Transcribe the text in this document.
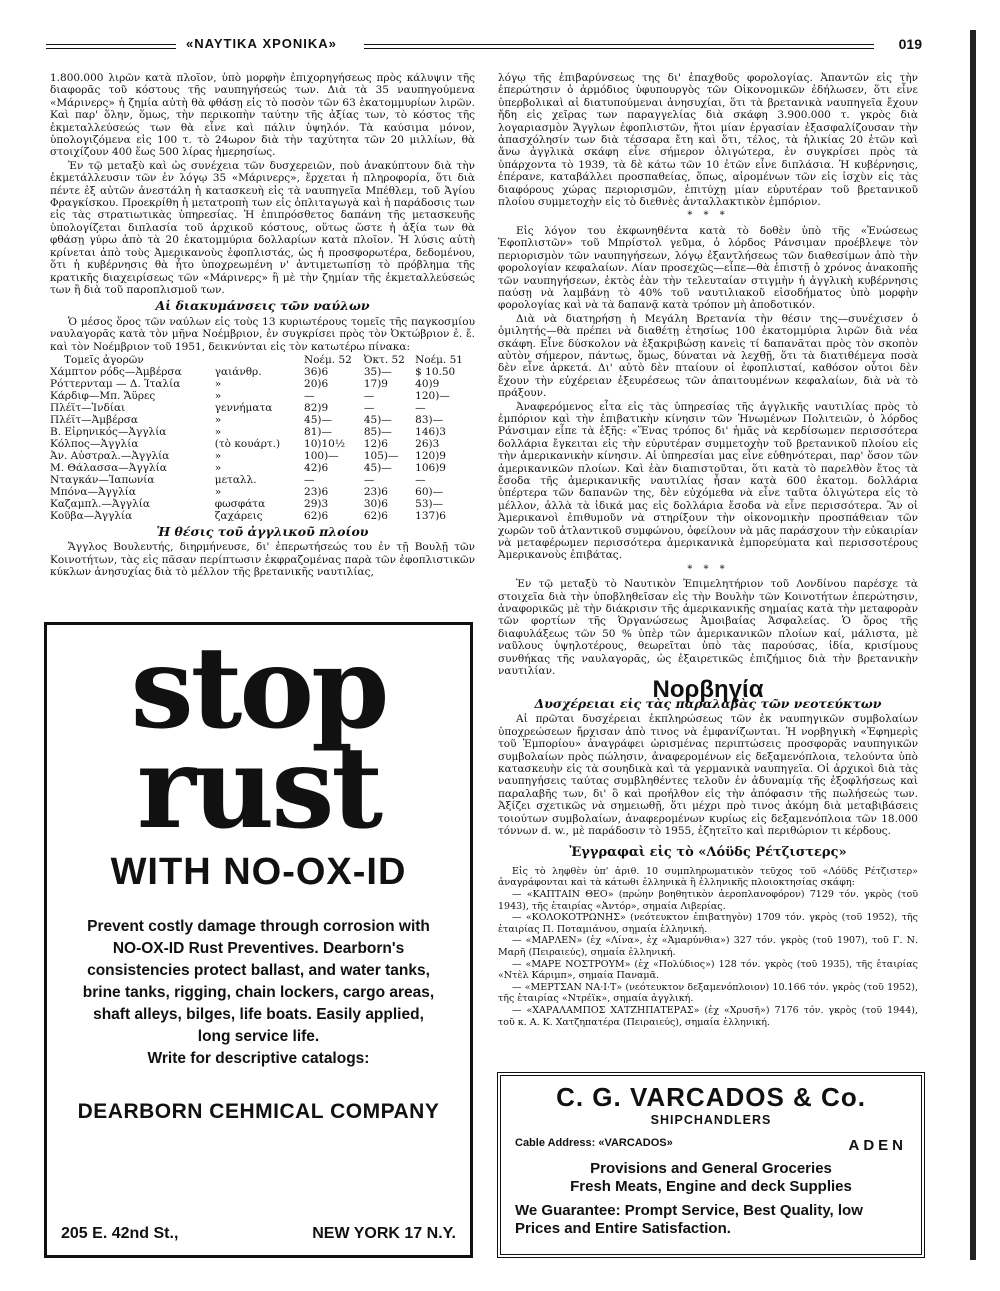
«ΝΑΥΤΙΚΑ ΧΡΟΝΙΚΑ»	019

1.800.000 λιρῶν κατὰ πλοῖον, ὑπὸ μορφὴν ἐπιχορηγήσεως πρὸς κάλυψιν τῆς διαφορᾶς τοῦ κόστους τῆς ναυπηγήσεώς των. Διὰ τὰ 35 ναυπηγούμενα «Μάρινερς» ἡ ζημία αὐτὴ θὰ φθάσῃ εἰς τὸ ποσὸν τῶν 63 ἑκατομμυρίων λιρῶν. Καὶ παρ' ὅλην, ὅμως, τὴν περικοπὴν ταύτην τῆς ἀξίας των, τὸ κόστος τῆς ἐκμεταλλεύσεώς των θὰ εἶνε καὶ πάλιν ὑψηλόν. Τὰ καύσιμα μόνον, ὑπολογιζόμενα εἰς 100 τ. τὸ 24ωρον διὰ τὴν ταχύτητα τῶν 20 μιλλίων, θὰ στοιχίζουν 400 ἕως 500 λίρας ἡμερησίως.

Ἐν τῷ μεταξὺ καὶ ὡς συνέχεια τῶν δυσχερειῶν, ποὺ ἀνακύπτουν διὰ τὴν ἐκμετάλλευσιν τῶν ἐν λόγῳ 35 «Μάρινερς», ἔρχεται ἡ πληροφορία, ὅτι διὰ πέντε ἐξ αὐτῶν ἀνεστάλη ἡ κατασκευὴ εἰς τὰ ναυπηγεῖα Μπέθλεμ, τοῦ Ἁγίου Φραγκίσκου. Προεκρίθη ἡ μετατροπὴ των εἰς ὁπλιταγωγὰ καὶ ἡ παράδοσις των εἰς τὰς στρατιωτικὰς ὑπηρεσίας. Ἡ ἐπιπρόσθετος δαπάνη τῆς μετασκευῆς ὑπολογίζεται διπλασία τοῦ ἀρχικοῦ κόστους, οὕτως ὥστε ἡ ἀξία των θὰ φθάσῃ γύρω ἀπὸ τὰ 20 ἑκατομμύρια δολλαρίων κατὰ πλοῖον. Ἡ λύσις αὐτὴ κρίνεται ἀπὸ τοὺς Ἀμερικανοὺς ἐφοπλιστάς, ὡς ἡ προσφορωτέρα, δεδομένου, ὅτι ἡ κυβέρνησις θὰ ἦτο ὑποχρεωμένη ν' ἀντιμετωπίσῃ τὸ πρόβλημα τῆς κρατικῆς διαχειρίσεως τῶν «Μάρινερς» ἢ μὲ τὴν ζημίαν τῆς ἐκμεταλλεύσεώς των ἢ διὰ τοῦ παροπλισμοῦ των.

Αἱ διακυμάνσεις τῶν ναύλων

Ὁ μέσος ὅρος τῶν ναύλων εἰς τοὺς 13 κυριωτέρους τομεῖς τῆς παγκοσμίου ναυλαγορᾶς κατὰ τὸν μῆνα Νοέμβριον, ἐν συγκρίσει πρὸς τὸν Ὀκτώβριον ἐ. ἔ. καὶ τὸν Νοέμβριον τοῦ 1951, δεικνύνται εἰς τὸν κατωτέρω πίνακα:

Τομεῖς ἀγορῶν		Νοέμ. 52	Ὀκτ. 52	Νοέμ. 51
Χάμπτον ρόδς—Ἀμβέρσα	γαιάνθρ.	36)6	35)—	$ 10.50
Ρόττερνταμ — Δ. Ἰταλία	»	20)6	17)9	40)9
Κάρδιφ—Μπ. Ἄϋρες	»	—	—	120)—
Πλέϊτ—Ἰνδίαι	γεννήματα	82)9	—	—
Πλέϊτ—Ἀμβέρσα	»	45)—	45)—	83)—
Β. Εἰρηνικός—Ἀγγλία	»	81)—	85)—	146)3
Κόλπος—Ἀγγλία	(τὸ κουάρτ.)	10)10½	12)6	26)3
Ἀν. Αὐστραλ.—Ἀγγλία	»	100)—	105)—	120)9
Μ. Θάλασσα—Ἀγγλία	»	42)6	45)—	106)9
Νταγκάν—Ἰαπωνία	μεταλλ.	—	—	—
Μπόνα—Ἀγγλία	»	23)6	23)6	60)—
Καζαμπλ.—Ἀγγλία	φωσφάτα	29)3	30)6	53)—
Κοῦβα—Ἀγγλία	ζαχάρεις	62)6	62)6	137)6
Ἡ θέσις τοῦ ἀγγλικοῦ πλοίου

Ἄγγλος Βουλευτής, διηρμήνευσε, δι' ἐπερωτήσεώς του ἐν τῇ Βουλῇ τῶν Κοινοτήτων, τὰς εἰς πᾶσαν περίπτωσιν ἐκφραζομένας παρὰ τῶν ἐφοπλιστικῶν κύκλων ἀνησυχίας διὰ τὸ μέλλον τῆς βρετανικῆς ναυτιλίας,

stop
rust
WITH NO-OX-ID
Prevent costly damage through corrosion with NO-OX-ID Rust Preventives. Dearborn's consistencies protect ballast, and water tanks, brine tanks, rigging, chain lockers, cargo areas, shaft alleys, bilges, life boats. Easily applied, long service life.
Write for descriptive catalogs:
DEARBORN CEHMICAL COMPANY
205 E. 42nd St.,	NEW YORK 17 N.Y.

λόγῳ τῆς ἐπιβαρύνσεως της δι' ἐπαχθοῦς φορολογίας. Ἀπαντῶν εἰς τὴν ἐπερώτησιν ὁ ἁρμόδιος ὑφυπουργὸς τῶν Οἰκονομικῶν ἐδήλωσεν, ὅτι εἶνε ὑπερβολικαὶ αἱ διατυπούμεναι ἀνησυχίαι, ὅτι τὰ βρετανικὰ ναυπηγεῖα ἔχουν ἤδη εἰς χεῖρας των παραγγελίας διὰ σκάφη 3.900.000 τ. γκρὸς διὰ λογαριασμὸν Ἄγγλων ἐφοπλιστῶν, ἤτοι μίαν ἐργασίαν ἐξασφαλίζουσαν τὴν ἀπασχόλησίν των διὰ τέσσαρα ἔτη καὶ ὅτι, τέλος, τὰ ἡλικίας 20 ἐτῶν καὶ ἄνω ἀγγλικὰ σκάφη εἶνε σήμερον ὀλιγώτερα, ἐν συγκρίσει πρὸς τὰ ὑπάρχοντα τὸ 1939, τὰ δὲ κάτω τῶν 10 ἐτῶν εἶνε διπλάσια. Ἡ κυβέρνησις, ἐπέρανε, καταβάλλει προσπαθείας, ὅπως, αἱρομένων τῶν εἰς ἰσχὺν εἰς τὰς διαφόρους χώρας περιορισμῶν, ἐπιτύχῃ μίαν εὐρυτέραν τοῦ βρετανικοῦ πλοίου συμμετοχὴν εἰς τὸ διεθνὲς ἀνταλλακτικὸν ἐμπόριον.

* * *

Εἰς λόγον του ἐκφωνηθέντα κατὰ τὸ δοθὲν ὑπὸ τῆς «Ἑνώσεως Ἐφοπλιστῶν» τοῦ Μπρίστολ γεῦμα, ὁ λόρδος Ράνσιμαν προέβλεψε τὸν περιορισμὸν τῶν ναυπηγήσεων, λόγῳ ἐξαντλήσεως τῶν διαθεσίμων ἀπὸ τὴν φορολογίαν κεφαλαίων. Λίαν προσεχῶς—εἶπε—θὰ ἐπιστῇ ὁ χρόνος ἀνακοπῆς τῶν ναυπηγήσεων, ἐκτὸς ἐὰν τὴν τελευταίαν στιγμὴν ἡ ἀγγλικὴ κυβέρνησις παύσῃ νὰ λαμβάνῃ τὸ 40% τοῦ ναυτιλιακοῦ εἰσοδήματος ὑπὸ μορφὴν φορολογίας καὶ νὰ τὰ δαπανᾷ κατὰ τρόπον μὴ ἀποδοτικόν.

Διὰ νὰ διατηρήσῃ ἡ Μεγάλη Βρετανία τὴν θέσιν της—συνέχισεν ὁ ὁμιλητής—θὰ πρέπει νὰ διαθέτῃ ἐτησίως 100 ἑκατομμύρια λιρῶν διὰ νέα σκάφη. Εἶνε δύσκολον νὰ ἐξακριβώσῃ κανεὶς τί δαπανᾶται πρὸς τὸν σκοπὸν αὐτὸν σήμερον, πάντως, ὅμως, δύναται νὰ λεχθῇ, ὅτι τὰ διατιθέμενα ποσὰ δὲν εἶνε ἀρκετά. Δι' αὐτὸ δὲν πταίουν οἱ ἐφοπλισταί, καθόσον οὗτοι δὲν ἔχουν τὴν εὐχέρειαν ἐξευρέσεως τῶν ἀπαιτουμένων κεφαλαίων, διὰ νὰ τὸ πράξουν.

Ἀναφερόμενος εἶτα εἰς τὰς ὑπηρεσίας τῆς ἀγγλικῆς ναυτιλίας πρὸς τὸ ἐμπόριον καὶ τὴν ἐπιβατικὴν κίνησιν τῶν Ἡνωμένων Πολιτειῶν, ὁ λόρδος Ράνσιμαν εἶπε τὰ ἑξῆς: «Ἕνας τρόπος δι' ἡμᾶς νὰ κερδίσωμεν περισσότερα δολλάρια ἔγκειται εἰς τὴν εὐρυτέραν συμμετοχὴν τοῦ βρετανικοῦ πλοίου εἰς τὴν ἀμερικανικὴν κίνησιν. Αἱ ὑπηρεσίαι μας εἶνε εὐθηνότεραι, παρ' ὅσον τῶν ἀμερικανικῶν πλοίων. Καὶ ἐὰν διαπιστοῦται, ὅτι κατὰ τὸ παρελθὸν ἔτος τὰ ἔσοδα τῆς ἀμερικανικῆς ναυτιλίας ἦσαν κατὰ 600 ἑκατομ. δολλάρια ὑπέρτερα τῶν δαπανῶν της, δὲν εὐχόμεθα νὰ εἶνε ταῦτα ὀλιγώτερα εἰς τὸ μέλλον, ἀλλὰ τὰ ἰδικά μας εἰς δολλάρια ἔσοδα νὰ εἶνε περισσότερα. Ἂν οἱ Ἀμερικανοὶ ἐπιθυμοῦν νὰ στηρίξουν τὴν οἰκονομικὴν προσπάθειαν τῶν χωρῶν τοῦ ἀτλαντικοῦ συμφώνου, ὀφείλουν νὰ μᾶς παράσχουν τὴν εὐκαιρίαν νὰ μεταφέρωμεν περισσότερα ἀμερικανικὰ ἐμπορεύματα καὶ περισσοτέρους Ἀμερικανοὺς ἐπιβάτας.

* * *

Ἐν τῷ μεταξὺ τὸ Ναυτικὸν Ἐπιμελητήριον τοῦ Λονδίνου παρέσχε τὰ στοιχεῖα διὰ τὴν ὑποβληθεῖσαν εἰς τὴν Βουλὴν τῶν Κοινοτήτων ἐπερώτησιν, ἀναφορικῶς μὲ τὴν διάκρισιν τῆς ἀμερικανικῆς σημαίας κατὰ τὴν μεταφορὰν τῶν φορτίων τῆς Ὀργανώσεως Ἀμοιβαίας Ἀσφαλείας. Ὁ ὅρος τῆς διαφυλάξεως τῶν 50 % ὑπὲρ τῶν ἀμερικανικῶν πλοίων καί, μάλιστα, μὲ ναῦλους ὑψηλοτέρους, θεωρεῖται ὑπὸ τὰς παρούσας, ἰδία, κρισίμους συνθήκας τῆς ναυλαγορᾶς, ὡς ἐξαιρετικῶς ἐπιζήμιος διὰ τὴν βρετανικὴν ναυτιλίαν.

Νορβηγία
Δυσχέρειαι εἰς τὰς παραλαβὰς τῶν νεοτεύκτων

Αἱ πρῶται δυσχέρειαι ἐκπληρώσεως τῶν ἐκ ναυπηγικῶν συμβολαίων ὑποχρεώσεων ἤρχισαν ἀπὸ τινος νὰ ἐμφανίζωνται. Ἡ νορβηγικὴ «Ἐφημερὶς τοῦ Ἐμπορίου» ἀναγράφει ὡρισμένας περιπτώσεις προσφορᾶς ναυπηγικῶν συμβολαίων πρὸς πώλησιν, ἀναφερομένων εἰς δεξαμενόπλοια, τελούντα ὑπὸ κατασκευὴν εἰς τὰ σουηδικὰ καὶ τὰ γερμανικὰ ναυπηγεῖα. Οἱ ἀρχικοὶ διὰ τὰς ναυπηγήσεις ταύτας συμβληθέντες τελοῦν ἐν ἀδυναμίᾳ τῆς ἐξοφλήσεως καὶ παραλαβῆς των, δι' ὃ καὶ προήλθον εἰς τὴν ἀπόφασιν τῆς πωλήσεώς των. Ἀξίζει σχετικῶς νὰ σημειωθῇ, ὅτι μέχρι πρὸ τινος ἀκόμη διὰ μεταβιβάσεις τοιούτων συμβολαίων, ἀναφερομένων κυρίως εἰς δεξαμενόπλοια τῶν 18.000 τόννων d. w., μὲ παράδοσιν τὸ 1955, ἐζητεῖτο καὶ περιθώριον τι κέρδους.

Ἐγγραφαὶ εἰς τὸ «Λόϋδς Ρέτζιστερς»

Εἰς τὸ ληφθὲν ὑπ' ἀριθ. 10 συμπληρωματικὸν τεῦχος τοῦ «Λόϋδς Ρέτζιστερ» ἀναγράφονται καὶ τὰ κάτωθι ἑλληνικὰ ἢ ἑλληνικῆς πλοιοκτησίας σκάφη:

— «ΚΑΠΤΑΙΝ ΘΕΟ» (πρώην βοηθητικὸν ἀεροπλανοφόρον) 7129 τόν. γκρὸς (τοῦ 1943), τῆς ἑταιρίας «Ἀντόρ», σημαία Λιβερίας.

— «ΚΟΛΟΚΟΤΡΩΝΗΣ» (νεότευκτον ἐπιβατηγὸν) 1709 τόν. γκρὸς (τοῦ 1952), τῆς ἑταιρίας Π. Ποταμιάνου, σημαία ἑλληνική.

— «ΜΑΡΛΕΝ» (ἐχ «Λίνα», ἐχ «Ἀμαρύνθια») 327 τόν. γκρὸς (τοῦ 1907), τοῦ Γ. Ν. Μαρῆ (Πειραιεύς), σημαία ἑλληνική.

— «ΜΑΡΕ ΝΟΣΤΡΟΥΜ» (ἐχ «Πολύδιος») 128 τόν. γκρὸς (τοῦ 1935), τῆς ἑταιρίας «Ντὲλ Κάριμπ», σημαία Παναμᾶ.

— «ΜΕΡΤΣΑΝ ΝΑ·Ι·Τ» (νεότευκτον δεξαμενόπλοιον) 10.166 τόν. γκρὸς (τοῦ 1952), τῆς ἑταιρίας «Ντρέϊκ», σημαία ἀγγλική.

— «ΧΑΡΑΛΑΜΠΟΣ ΧΑΤΖΗΠΑΤΕΡΑΣ» (ἐχ «Χρυσῆ») 7176 τόν. γκρὸς (τοῦ 1944), τοῦ κ. Α. Κ. Χατζηπατέρα (Πειραιεύς), σημαία ἑλληνική.

C. G. VARCADOS & Co.
SHIPCHANDLERS
Cable Address: «VARCADOS»	ADEN
Provisions and General Groceries
Fresh Meats, Engine and deck Supplies
We Guarantee: Prompt Service, Best Quality, low Prices and Entire Satisfaction.
